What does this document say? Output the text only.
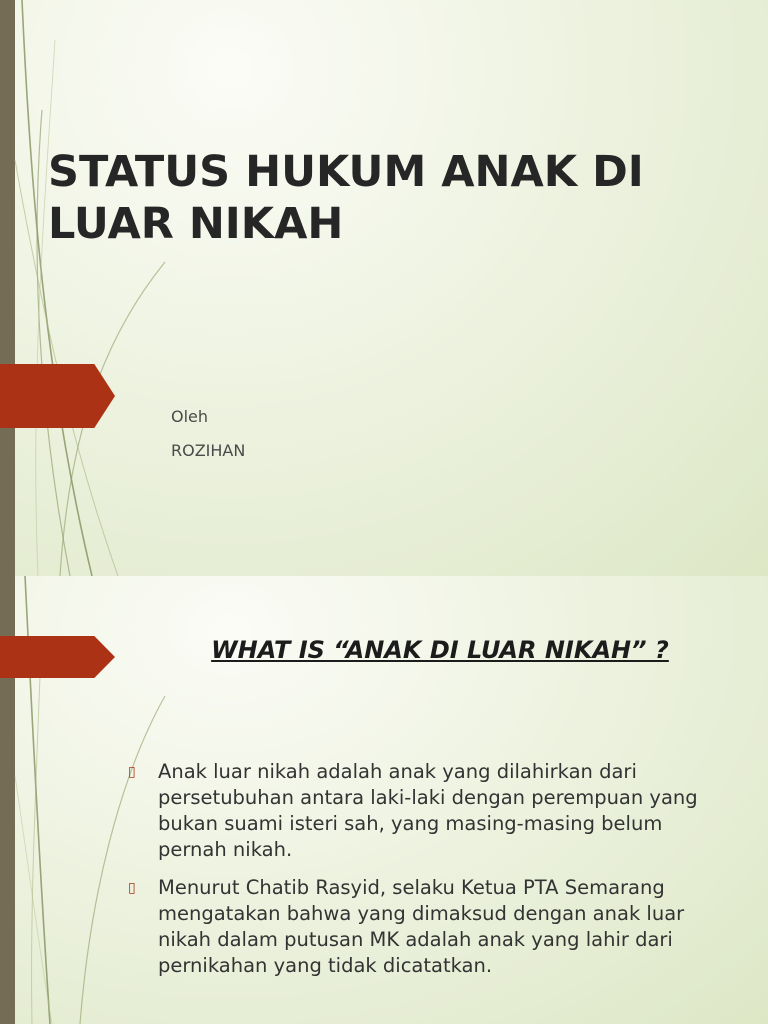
STATUS HUKUM ANAK DI LUAR NIKAH
Oleh
ROZIHAN
WHAT IS “ANAK DI LUAR NIKAH” ?
▯ Anak luar nikah adalah anak yang dilahirkan dari persetubuhan antara laki-laki dengan perempuan yang bukan suami isteri sah, yang masing-masing belum pernah nikah.
▯ Menurut Chatib Rasyid, selaku Ketua PTA Semarang mengatakan bahwa yang dimaksud dengan anak luar nikah dalam putusan MK adalah anak yang lahir dari pernikahan yang tidak dicatatkan.
